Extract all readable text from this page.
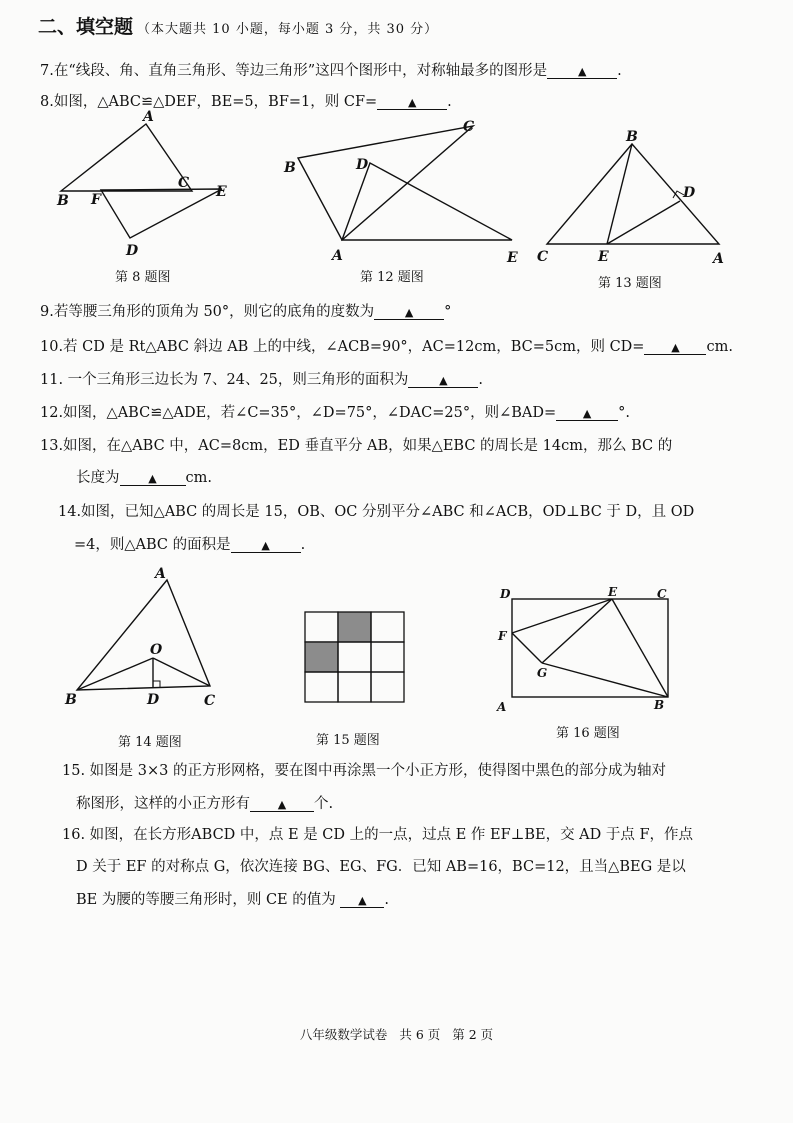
二、填空题 （本大题共 10 小题，每小题 3 分，共 30 分）
7.在“线段、角、直角三角形、等边三角形”这四个图形中，对称轴最多的图形是	▲ .
8.如图，△ABC≌△DEF，BE=5，BF=1，则 CF=	▲ .
A
B F
C
E
D
第 8 题图
B	D
C
A	E
第 12 题图
B
D
C	E	A
第 13 题图
9.若等腰三角形的顶角为 50°，则它的底角的度数为	▲ °
10.若 CD 是 Rt△ABC 斜边 AB 上的中线，∠ACB=90°，AC=12cm，BC=5cm，则 CD= ▲ cm.
11. 一个三角形三边长为 7、24、25，则三角形的面积为	▲ .
12.如图，△ABC≌△ADE，若∠C=35°，∠D=75°，∠DAC=25°，则∠BAD= ▲ °.
13.如图，在△ABC 中，AC=8cm，ED 垂直平分 AB，如果△EBC 的周长是 14cm，那么 BC 的
长度为	▲ cm.
14.如图，已知△ABC 的周长是 15，OB、OC 分别平分∠ABC 和∠ACB，OD⊥BC 于 D，且 OD
=4，则△ABC 的面积是	▲ .
A
O
B	D	C
第 14 题图	第 15 题图
D	E	C
F
G
A	B
第 16 题图
15. 如图是 3×3 的正方形网格，要在图中再涂黑一个小正方形，使得图中黑色的部分成为轴对
称图形，这样的小正方形有	▲ 个.
16. 如图，在长方形ABCD 中，点 E 是 CD 上的一点，过点 E 作 EF⊥BE，交 AD 于点 F，作点
D 关于 EF 的对称点 G，依次连接 BG、EG、FG．已知 AB=16，BC=12，且当△BEG 是以
BE 为腰的等腰三角形时，则 CE 的值为 ▲ .
八年级数学试卷 共 6 页 第 2 页
